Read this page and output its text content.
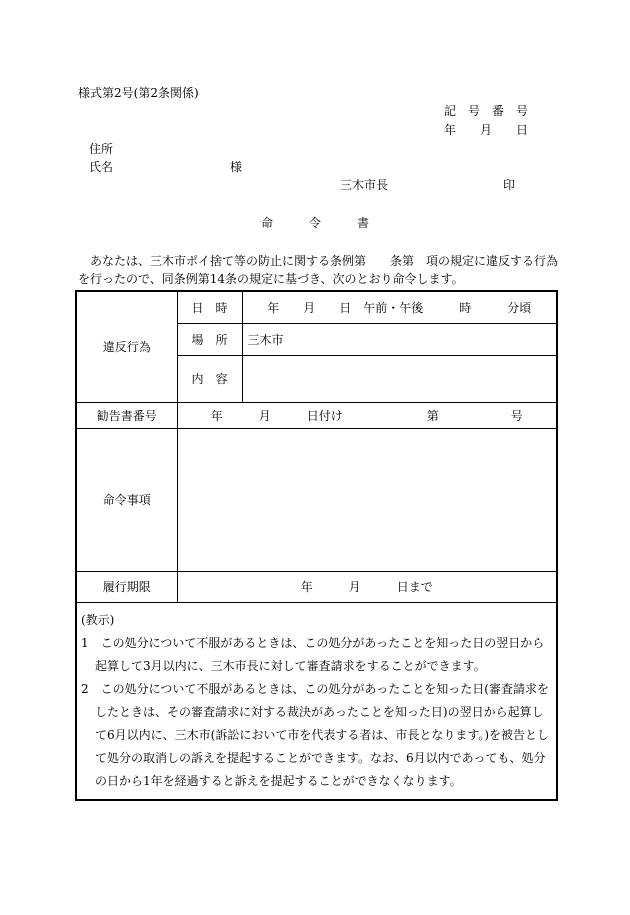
様式第2号(第2条関係)
記　号　番　号
年　　月　　日
住所
氏名	様
三木市長	印
命　　　令　　　書
　あなたは、三木市ポイ捨て等の防止に関する条例第　　条第　項の規定に違反する行為
を行ったので、同条例第14条の規定に基づき、次のとおり命令します。
違反行為	日　時	年　　月　　日　午前・午後　　　時　　　分頃
	場　所	三木市
	内　容	
勧告書番号	年　　　月　　　日付け　　　　　　　第　　　　　　号	
命令事項		
履行期限	年　　　月　　　日まで	

(教示)

1　この処分について不服があるときは、この処分があったことを知った日の翌日から起算して3月以内に、三木市長に対して審査請求をすることができます。

2　この処分について不服があるときは、この処分があったことを知った日(審査請求をしたときは、その審査請求に対する裁決があったことを知った日)の翌日から起算して6月以内に、三木市(訴訟において市を代表する者は、市長となります。)を被告として処分の取消しの訴えを提起することができます。なお、6月以内であっても、処分の日から1年を経過すると訴えを提起することができなくなります。		
